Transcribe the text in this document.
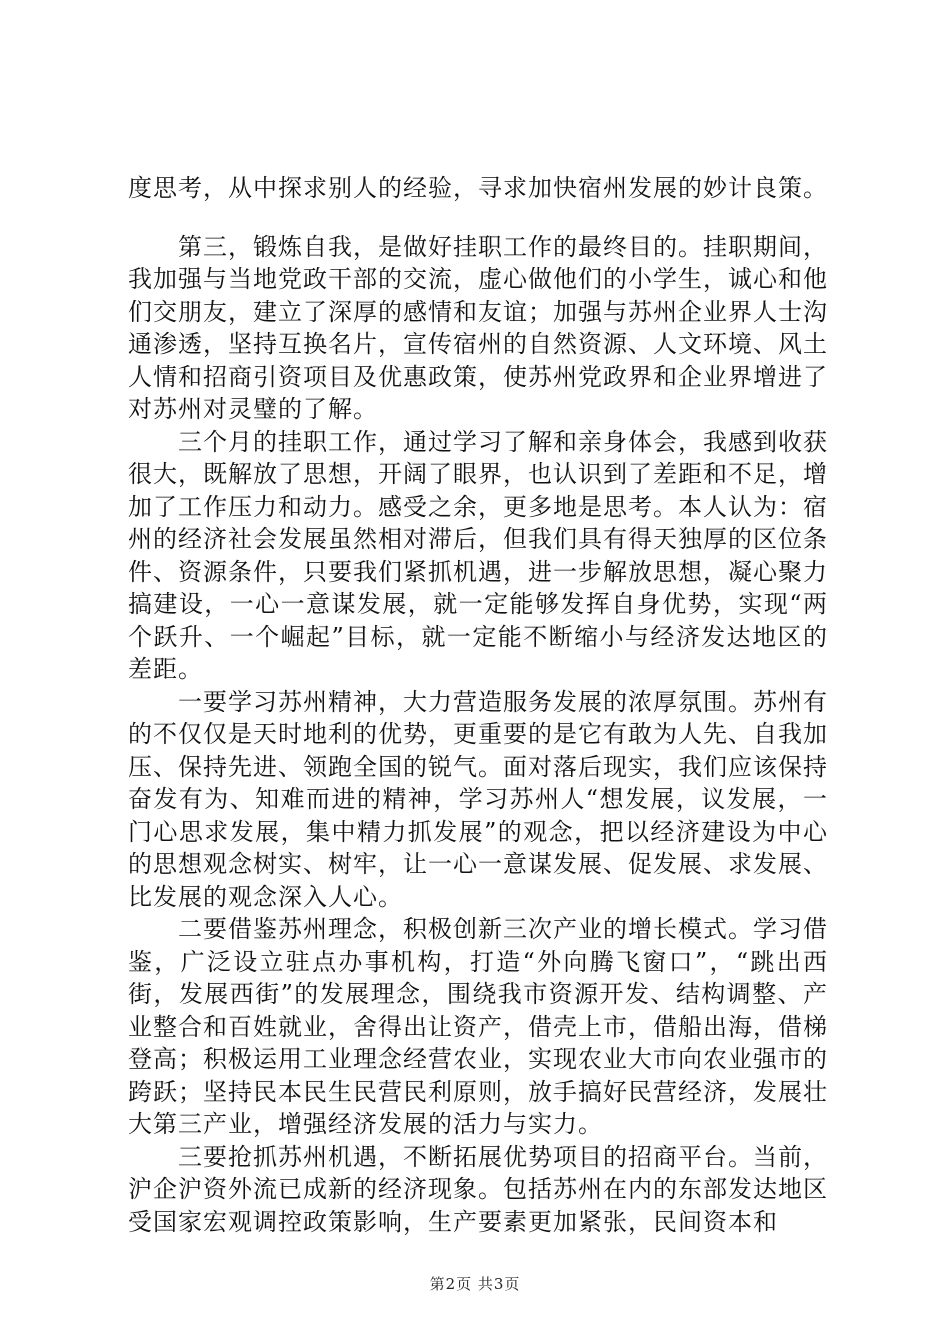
度思考，从中探求别人的经验，寻求加快宿州发展的妙计良策。

第三，锻炼自我，是做好挂职工作的最终目的。挂职期间，我加强与当地党政干部的交流，虚心做他们的小学生，诚心和他们交朋友，建立了深厚的感情和友谊；加强与苏州企业界人士沟通渗透，坚持互换名片，宣传宿州的自然资源、人文环境、风土人情和招商引资项目及优惠政策，使苏州党政界和企业界增进了对苏州对灵璧的了解。

三个月的挂职工作，通过学习了解和亲身体会，我感到收获很大，既解放了思想，开阔了眼界，也认识到了差距和不足，增加了工作压力和动力。感受之余，更多地是思考。本人认为：宿州的经济社会发展虽然相对滞后，但我们具有得天独厚的区位条件、资源条件，只要我们紧抓机遇，进一步解放思想，凝心聚力搞建设，一心一意谋发展，就一定能够发挥自身优势，实现“两个跃升、一个崛起”目标，就一定能不断缩小与经济发达地区的差距。

一要学习苏州精神，大力营造服务发展的浓厚氛围。苏州有的不仅仅是天时地利的优势，更重要的是它有敢为人先、自我加压、保持先进、领跑全国的锐气。面对落后现实，我们应该保持奋发有为、知难而进的精神，学习苏州人“想发展，议发展，一门心思求发展，集中精力抓发展”的观念，把以经济建设为中心的思想观念树实、树牢，让一心一意谋发展、促发展、求发展、比发展的观念深入人心。

二要借鉴苏州理念，积极创新三次产业的增长模式。学习借鉴，广泛设立驻点办事机构，打造“外向腾飞窗口”，“跳出西街，发展西街”的发展理念，围绕我市资源开发、结构调整、产业整合和百姓就业，舍得出让资产，借壳上市，借船出海，借梯登高；积极运用工业理念经营农业，实现农业大市向农业强市的跨跃；坚持民本民生民营民利原则，放手搞好民营经济，发展壮大第三产业，增强经济发展的活力与实力。

三要抢抓苏州机遇，不断拓展优势项目的招商平台。当前，沪企沪资外流已成新的经济现象。包括苏州在内的东部发达地区受国家宏观调控政策影响，生产要素更加紧张，民间资本和

第2页 共3页
